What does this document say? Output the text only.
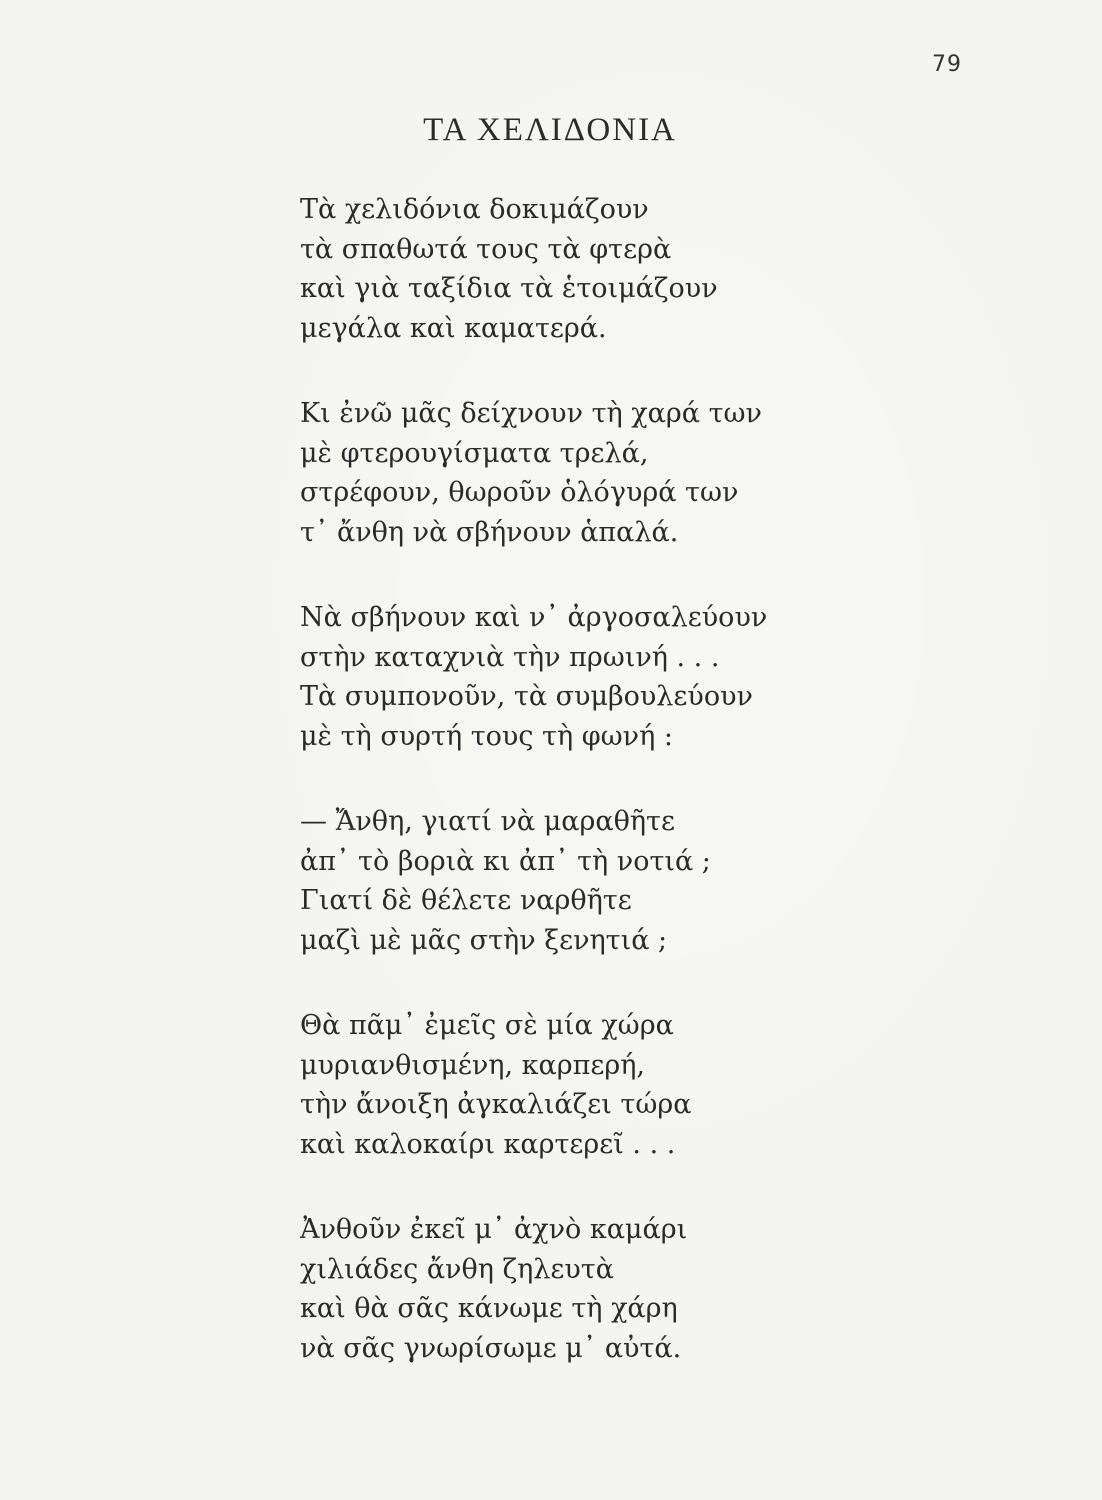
79
ΤΑ ΧΕΛΙΔΟΝΙΑ
Τὰ χελιδόνια δοκιμάζουν
τὰ σπαθωτά τους τὰ φτερὰ
καὶ γιὰ ταξίδια τὰ ἑτοιμάζουν
μεγάλα καὶ καματερά.
Κι ἐνῶ μᾶς δείχνουν τὴ χαρά των
μὲ φτερουγίσματα τρελά,
στρέφουν, θωροῦν ὁλόγυρά των
τ᾿ ἄνθη νὰ σβήνουν ἁπαλά.
Νὰ σβήνουν καὶ ν᾿ ἀργοσαλεύουν
στὴν καταχνιὰ τὴν πρωινή . . .
Τὰ συμπονοῦν, τὰ συμβουλεύουν
μὲ τὴ συρτή τους τὴ φωνή :
— Ἄνθη, γιατί νὰ μαραθῆτε
ἀπ᾿ τὸ βοριὰ κι ἀπ᾿ τὴ νοτιά ;
Γιατί δὲ θέλετε ναρθῆτε
μαζὶ μὲ μᾶς στὴν ξενητιά ;
Θὰ πᾶμ᾿ ἐμεῖς σὲ μία χώρα
μυριανθισμένη, καρπερή,
τὴν ἄνοιξη ἀγκαλιάζει τώρα
καὶ καλοκαίρι καρτερεῖ . . .
Ἀνθοῦν ἐκεῖ μ᾿ ἀχνὸ καμάρι
χιλιάδες ἄνθη ζηλευτὰ
καὶ θὰ σᾶς κάνωμε τὴ χάρη
νὰ σᾶς γνωρίσωμε μ᾿ αὐτά.
